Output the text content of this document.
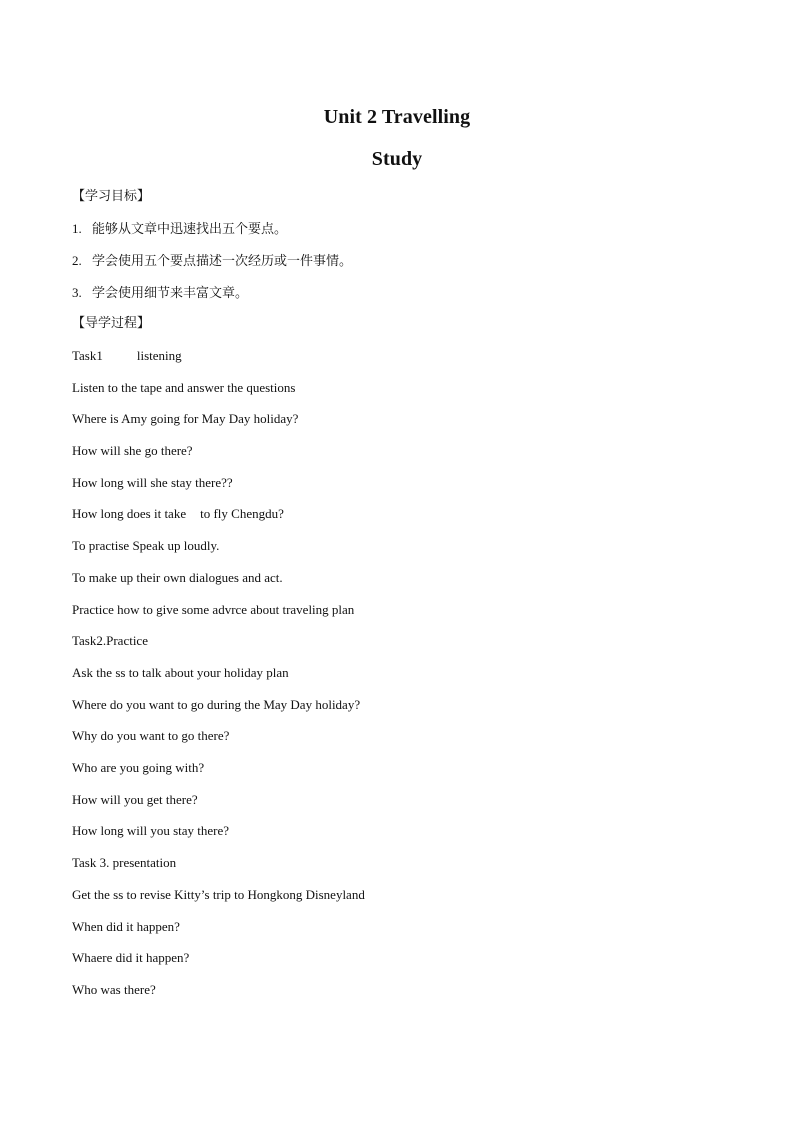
Unit 2 Travelling
Study
【学习目标】
1. 能够从文章中迅速找出五个要点。
2. 学会使用五个要点描述一次经历或一件事情。
3. 学会使用细节来丰富文章。
【导学过程】
Task1	listening
Listen to the tape and answer the questions
Where is Amy going for May Day holiday?
How will she go there?
How long will she stay there??
How long does it take to fly Chengdu?
To practise Speak up loudly.
To make up their own dialogues and act.
Practice how to give some advrce about traveling plan
Task2.Practice
Ask the ss to talk about your holiday plan
Where do you want to go during the May Day holiday?
Why do you want to go there?
Who are you going with?
How will you get there?
How long will you stay there?
Task 3. presentation
Get the ss to revise Kitty’s trip to Hongkong Disneyland
When did it happen?
Whaere did it happen?
Who was there?
